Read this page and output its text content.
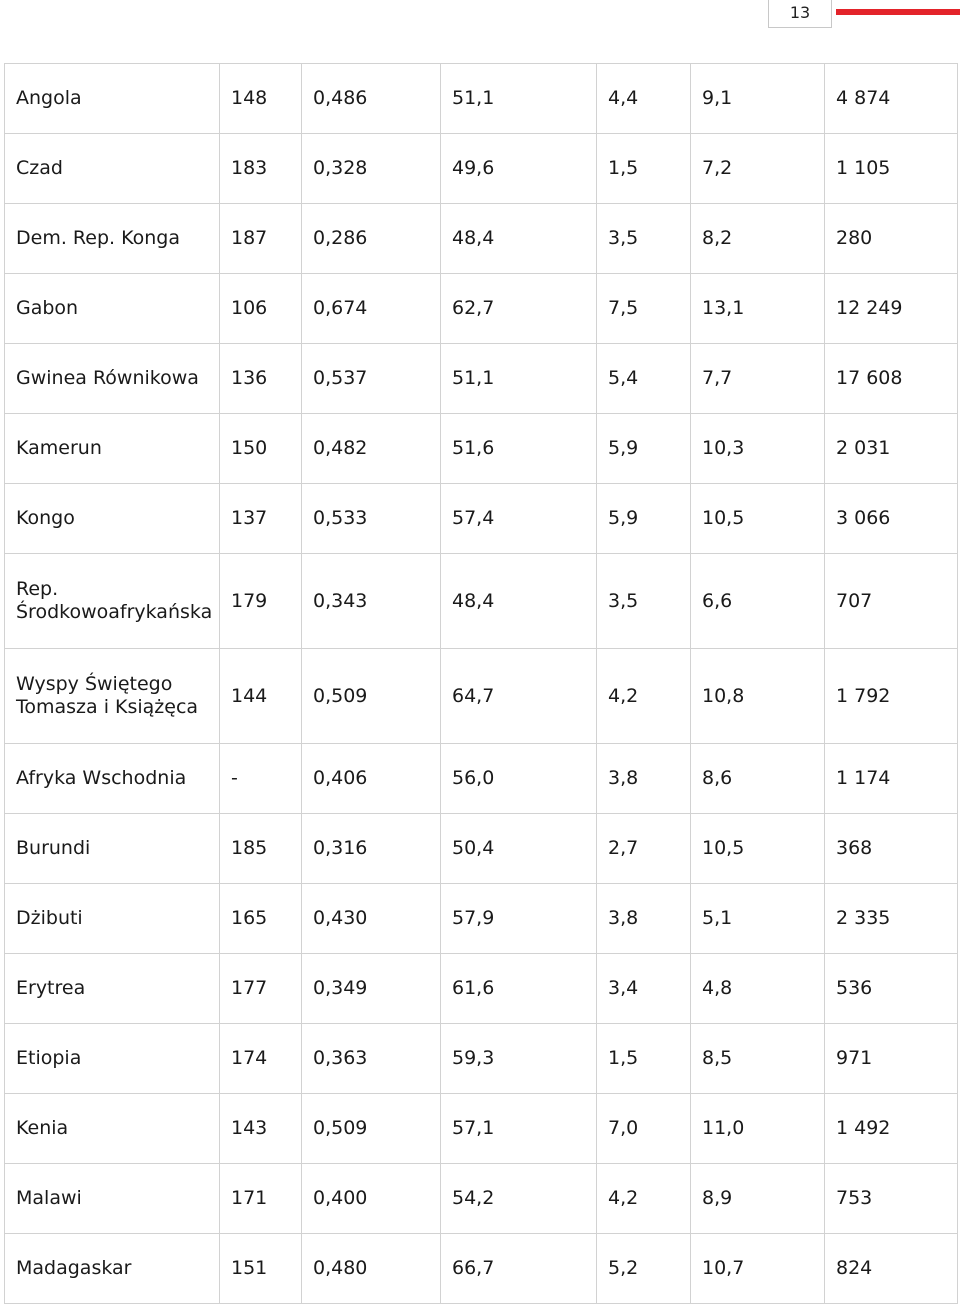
13
Angola	148	0,486	51,1	4,4	9,1	4 874
Czad	183	0,328	49,6	1,5	7,2	1 105
Dem. Rep. Konga	187	0,286	48,4	3,5	8,2	280
Gabon	106	0,674	62,7	7,5	13,1	12 249
Gwinea Równikowa	136	0,537	51,1	5,4	7,7	17 608
Kamerun	150	0,482	51,6	5,9	10,3	2 031
Kongo	137	0,533	57,4	5,9	10,5	3 066
Rep. Środkowoafrykańska	179	0,343	48,4	3,5	6,6	707
Wyspy Świętego Tomasza i Książęca	144	0,509	64,7	4,2	10,8	1 792
Afryka Wschodnia	-	0,406	56,0	3,8	8,6	1 174
Burundi	185	0,316	50,4	2,7	10,5	368
Dżibuti	165	0,430	57,9	3,8	5,1	2 335
Erytrea	177	0,349	61,6	3,4	4,8	536
Etiopia	174	0,363	59,3	1,5	8,5	971
Kenia	143	0,509	57,1	7,0	11,0	1 492
Malawi	171	0,400	54,2	4,2	8,9	753
Madagaskar	151	0,480	66,7	5,2	10,7	824
